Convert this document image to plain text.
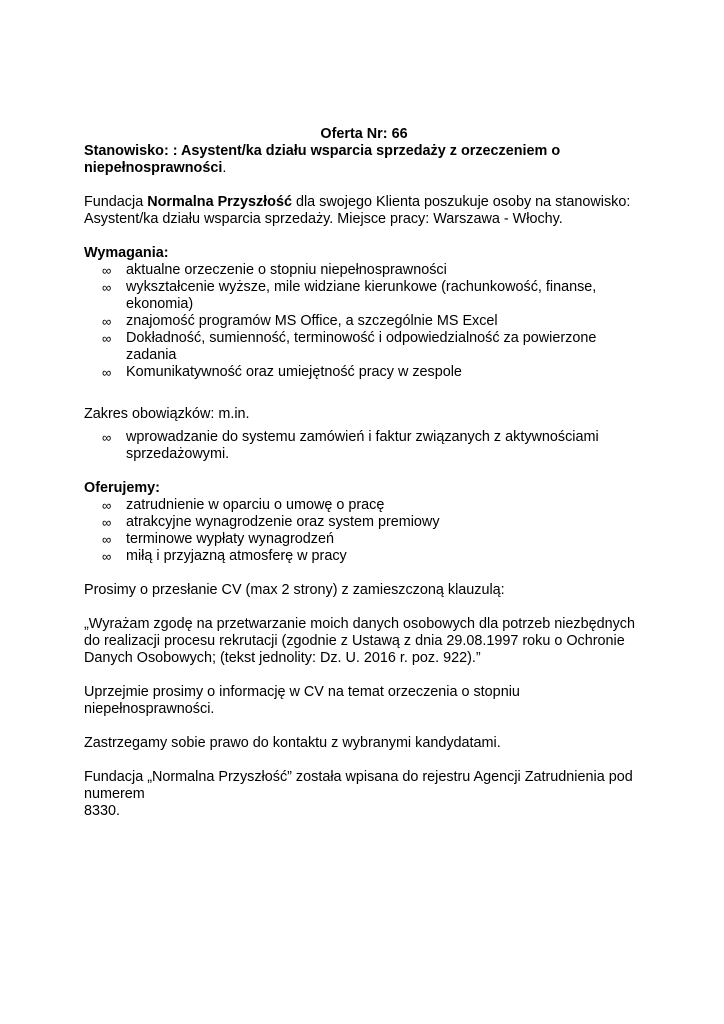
Oferta Nr: 66

Stanowisko: : Asystent/ka działu wsparcia sprzedaży z orzeczeniem o

niepełnosprawności.

Fundacja Normalna Przyszłość dla swojego Klienta poszukuje osoby na stanowisko:

Asystent/ka działu wsparcia sprzedaży. Miejsce pracy: Warszawa - Włochy.

Wymagania:

∞ aktualne orzeczenie o stopniu niepełnosprawności
∞ wykształcenie wyższe, mile widziane kierunkowe (rachunkowość, finanse, ekonomia)
∞ znajomość programów MS Office, a szczególnie MS Excel
∞ Dokładność, sumienność, terminowość i odpowiedzialność za powierzone zadania
∞ Komunikatywność oraz umiejętność pracy w zespole

Zakres obowiązków: m.in.

∞ wprowadzanie do systemu zamówień i faktur związanych z aktywnościami sprzedażowymi.

Oferujemy:

∞ zatrudnienie w oparciu o umowę o pracę
∞ atrakcyjne wynagrodzenie oraz system premiowy
∞ terminowe wypłaty wynagrodzeń
∞ miłą i przyjazną atmosferę w pracy

Prosimy o przesłanie CV (max 2 strony) z zamieszczoną klauzulą:

„Wyrażam zgodę na przetwarzanie moich danych osobowych dla potrzeb niezbędnych do realizacji procesu rekrutacji (zgodnie z Ustawą z dnia 29.08.1997 roku o Ochronie Danych Osobowych; (tekst jednolity: Dz. U. 2016 r. poz. 922).”

Uprzejmie prosimy o informację w CV na temat orzeczenia o stopniu niepełnosprawności.

Zastrzegamy sobie prawo do kontaktu z wybranymi kandydatami.

Fundacja „Normalna Przyszłość” została wpisana do rejestru Agencji Zatrudnienia pod numerem

8330.
